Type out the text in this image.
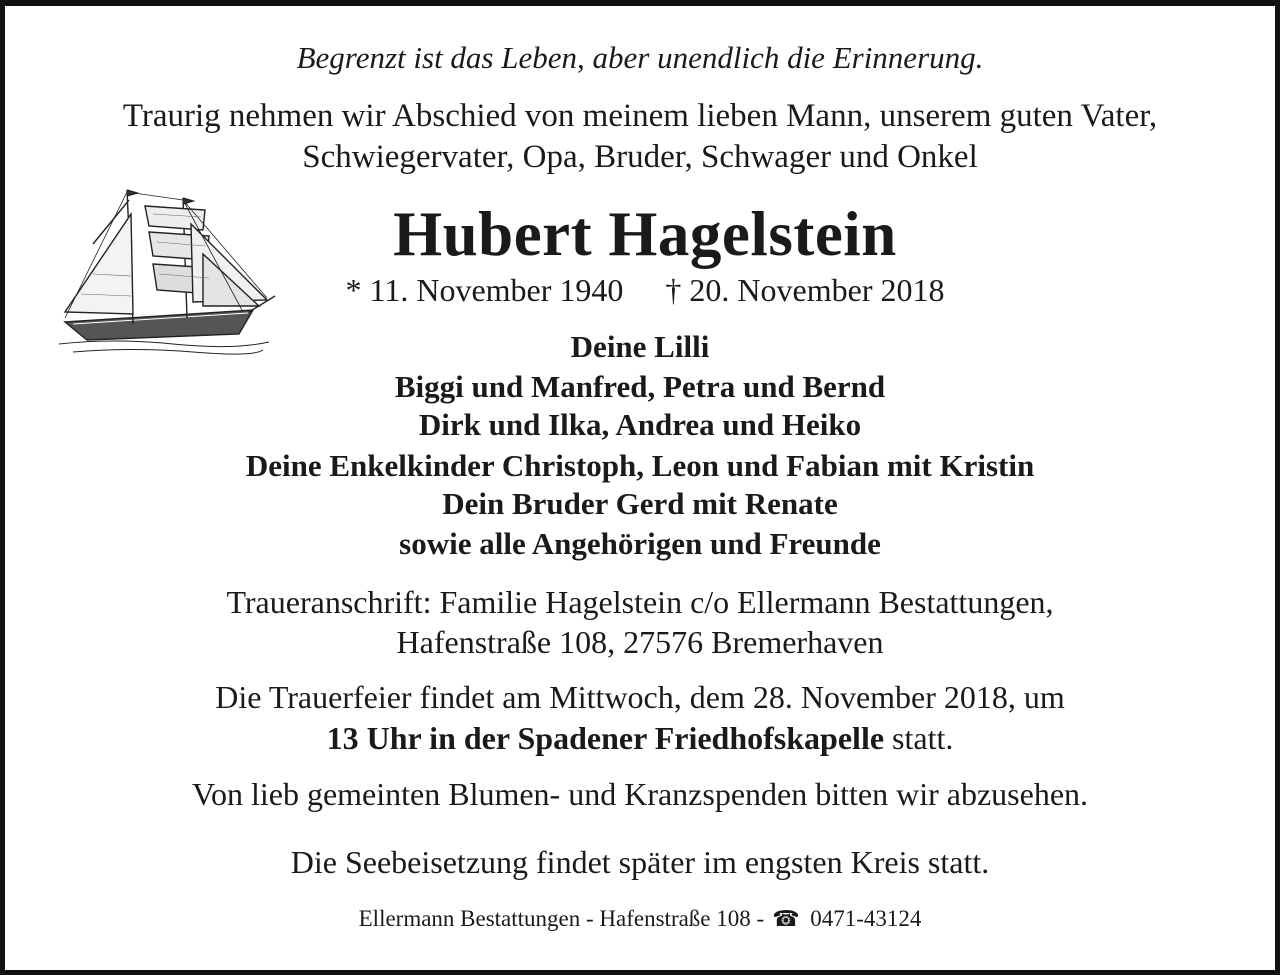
Begrenzt ist das Leben, aber unendlich die Erinnerung.
Traurig nehmen wir Abschied von meinem lieben Mann, unserem guten Vater,
Schwiegervater, Opa, Bruder, Schwager und Onkel
Hubert Hagelstein
* 11. November 1940 † 20. November 2018
Deine Lilli
Biggi und Manfred, Petra und Bernd
Dirk und Ilka, Andrea und Heiko
Deine Enkelkinder Christoph, Leon und Fabian mit Kristin
Dein Bruder Gerd mit Renate
sowie alle Angehörigen und Freunde
Traueranschrift: Familie Hagelstein c/o Ellermann Bestattungen,
Hafenstraße 108, 27576 Bremerhaven
Die Trauerfeier findet am Mittwoch, dem 28. November 2018, um
13 Uhr in der Spadener Friedhofskapelle statt.
Von lieb gemeinten Blumen- und Kranzspenden bitten wir abzusehen.
Die Seebeisetzung findet später im engsten Kreis statt.
Ellermann Bestattungen - Hafenstraße 108 - ☎ 0471-43124
